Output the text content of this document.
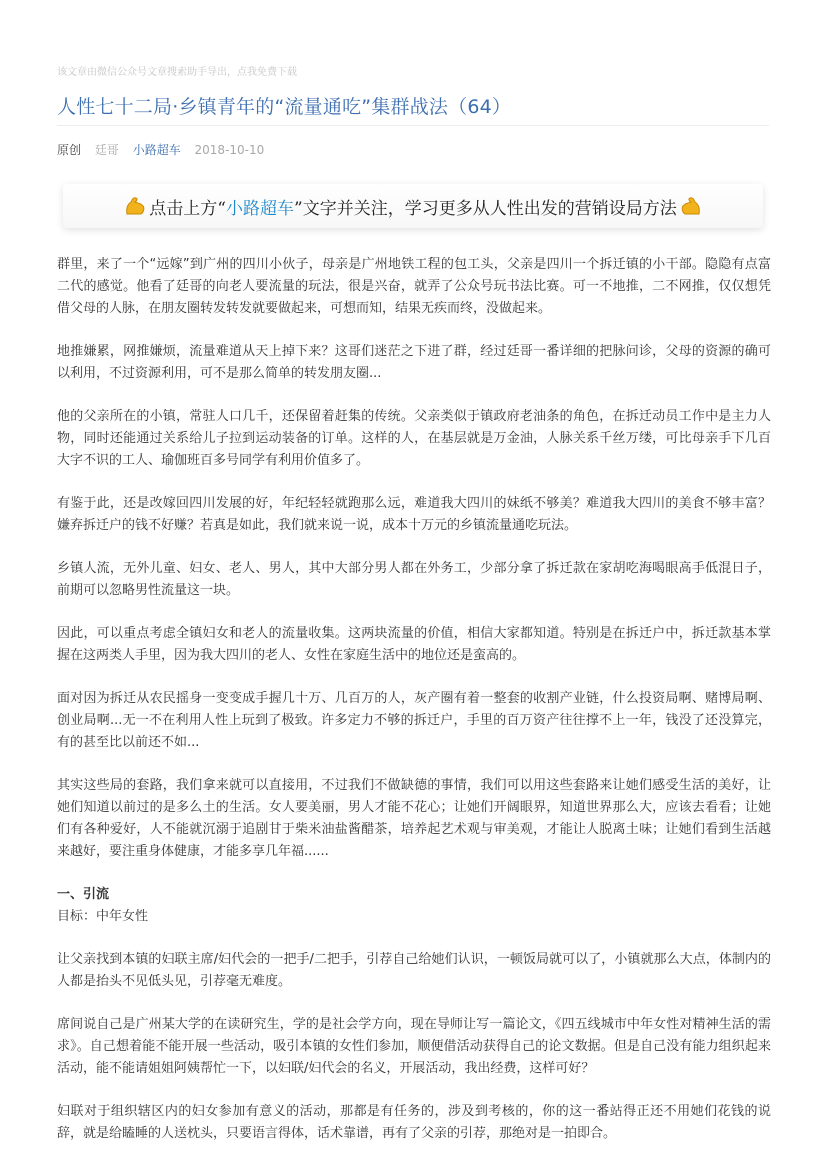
该文章由微信公众号文章搜索助手导出，点我免费下载
人性七十二局·乡镇青年的“流量通吃”集群战法（64）
原创 廷哥 小路超车 2018-10-10
点击上方“ 小路超车 ”文字并关注，学习更多从人性出发的营销设局方法

群里，来了一个“远嫁”到广州的四川小伙子，母亲是广州地铁工程的包工头，父亲是四川一个拆迁镇的小干部。隐隐有点富二代的感觉。他看了廷哥的向老人要流量的玩法，很是兴奋，就弄了公众号玩书法比赛。可一不地推，二不网推，仅仅想凭借父母的人脉，在朋友圈转发转发就要做起来，可想而知，结果无疾而终，没做起来。

地推嫌累，网推嫌烦，流量难道从天上掉下来？这哥们迷茫之下进了群，经过廷哥一番详细的把脉问诊，父母的资源的确可以利用，不过资源利用，可不是那么简单的转发朋友圈...

他的父亲所在的小镇，常驻人口几千，还保留着赶集的传统。父亲类似于镇政府老油条的角色，在拆迁动员工作中是主力人物，同时还能通过关系给儿子拉到运动装备的订单。这样的人，在基层就是万金油，人脉关系千丝万缕，可比母亲手下几百大字不识的工人、瑜伽班百多号同学有利用价值多了。

有鉴于此，还是改嫁回四川发展的好，年纪轻轻就跑那么远，难道我大四川的妹纸不够美？难道我大四川的美食不够丰富？嫌弃拆迁户的钱不好赚？若真是如此，我们就来说一说，成本十万元的乡镇流量通吃玩法。

乡镇人流，无外儿童、妇女、老人、男人，其中大部分男人都在外务工，少部分拿了拆迁款在家胡吃海喝眼高手低混日子，前期可以忽略男性流量这一块。

因此，可以重点考虑全镇妇女和老人的流量收集。这两块流量的价值，相信大家都知道。特别是在拆迁户中，拆迁款基本掌握在这两类人手里，因为我大四川的老人、女性在家庭生活中的地位还是蛮高的。

面对因为拆迁从农民摇身一变变成手握几十万、几百万的人，灰产圈有着一整套的收割产业链，什么投资局啊、赌博局啊、创业局啊...无一不在利用人性上玩到了极致。许多定力不够的拆迁户，手里的百万资产往往撑不上一年，钱没了还没算完，有的甚至比以前还不如...

其实这些局的套路，我们拿来就可以直接用，不过我们不做缺德的事情，我们可以用这些套路来让她们感受生活的美好，让她们知道以前过的是多么土的生活。女人要美丽，男人才能不花心；让她们开阔眼界，知道世界那么大，应该去看看；让她们有各种爱好，人不能就沉溺于追剧甘于柴米油盐酱醋茶，培养起艺术观与审美观，才能让人脱离土味；让她们看到生活越来越好，要注重身体健康，才能多享几年福......

一、引流

目标：中年女性

让父亲找到本镇的妇联主席/妇代会的一把手/二把手，引荐自己给她们认识，一顿饭局就可以了，小镇就那么大点，体制内的人都是抬头不见低头见，引荐毫无难度。

席间说自己是广州某大学的在读研究生，学的是社会学方向，现在导师让写一篇论文，《四五线城市中年女性对精神生活的需求》。自己想着能不能开展一些活动，吸引本镇的女性们参加，顺便借活动获得自己的论文数据。但是自己没有能力组织起来活动，能不能请姐姐阿姨帮忙一下，以妇联/妇代会的名义，开展活动，我出经费，这样可好？

妇联对于组织辖区内的妇女参加有意义的活动，那都是有任务的，涉及到考核的，你的这一番站得正还不用她们花钱的说辞，就是给瞌睡的人送枕头，只要语言得体，话术靠谱，再有了父亲的引荐，那绝对是一拍即合。
